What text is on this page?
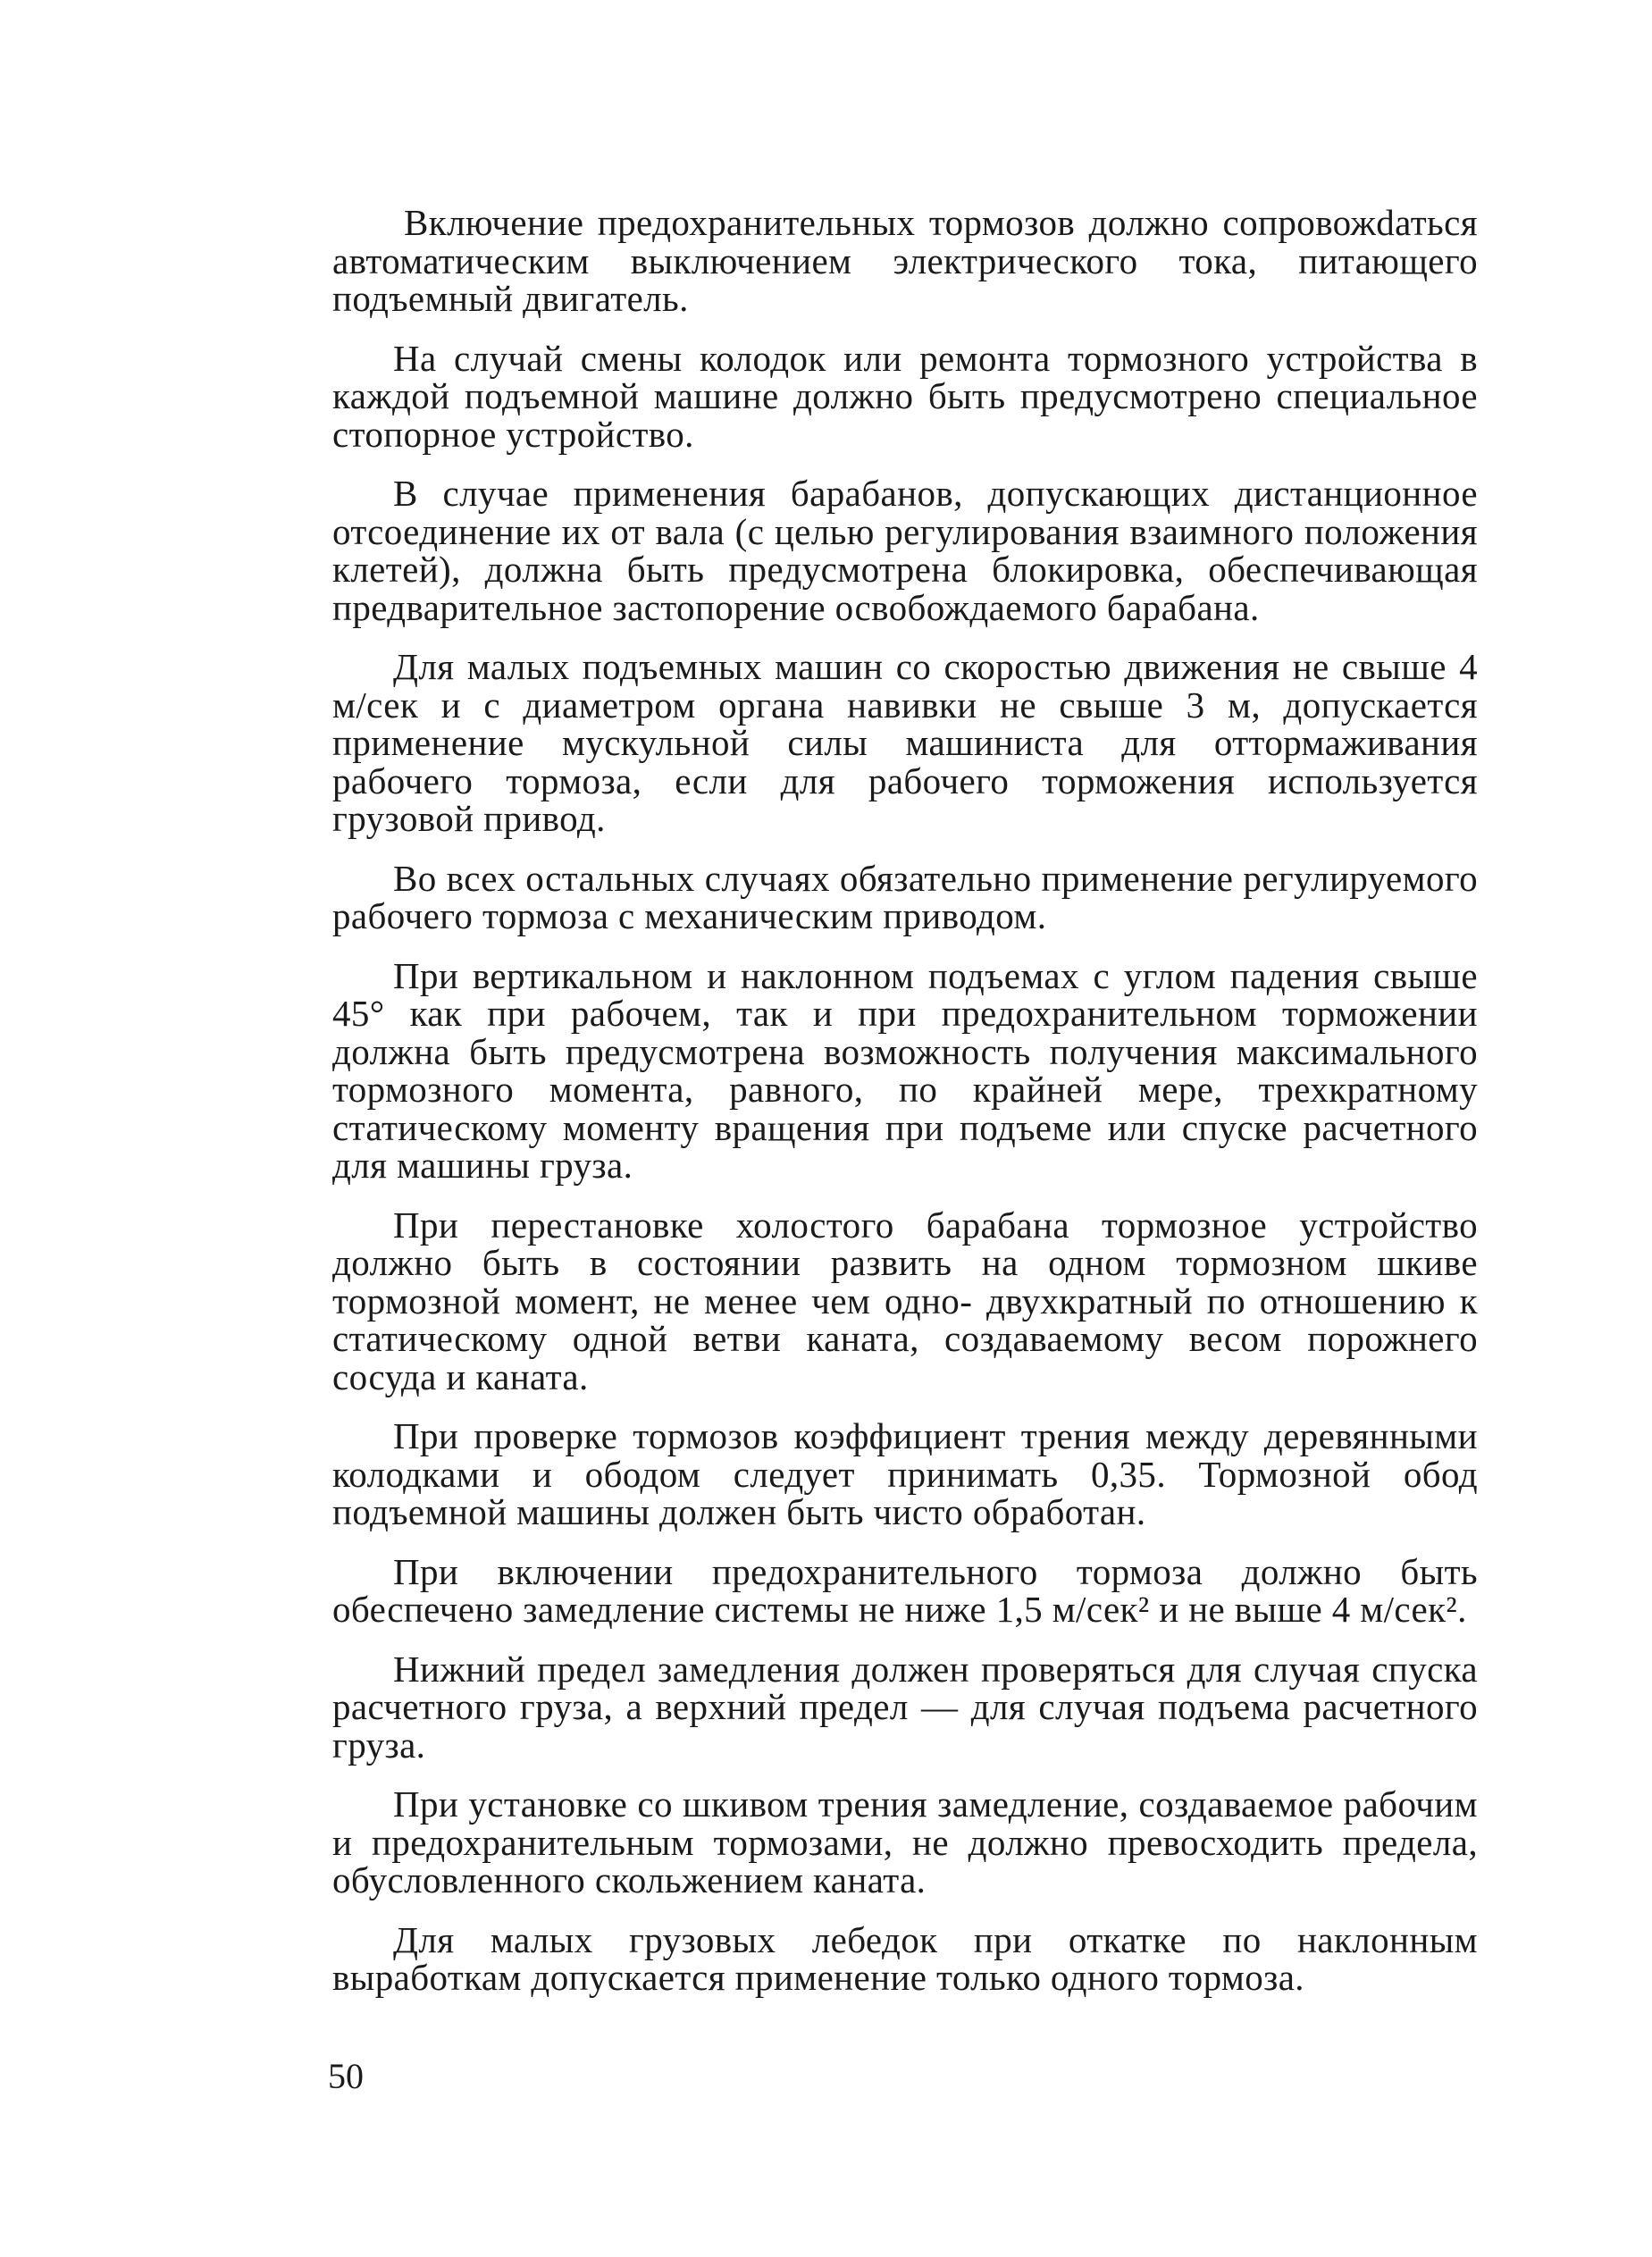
Включение предохранительных тормозов должно сопровожdаться автоматическим выключением электрического тока, питающего подъемный двигатель.

На случай смены колодок или ремонта тормозного устройства в каждой подъемной машине должно быть предусмотрено специальное стопорное устройство.

В случае применения барабанов, допускающих дистанционное отсоединение их от вала (с целью регулирования взаимного положения клетей), должна быть предусмотрена блокировка, обеспечивающая предварительное застопорение освобождаемого барабана.

Для малых подъемных машин со скоростью движения не свыше 4 м/сек и с диаметром органа навивки не свыше 3 м, допускается применение мускульной силы машиниста для оттормаживания рабочего тормоза, если для рабочего торможения используется грузовой привод.

Во всех остальных случаях обязательно применение регулируемого рабочего тормоза с механическим приводом.

При вертикальном и наклонном подъемах с углом падения свыше 45° как при рабочем, так и при предохранительном торможении должна быть предусмотрена возможность получения максимального тормозного момента, равного, по крайней мере, трехкратному статическому моменту вращения при подъеме или спуске расчетного для машины груза.

При перестановке холостого барабана тормозное устройство должно быть в состоянии развить на одном тормозном шкиве тормозной момент, не менее чем одно- двухкратный по отношению к статическому одной ветви каната, создаваемому весом порожнего сосуда и каната.

При проверке тормозов коэффициент трения между деревянными колодками и ободом следует принимать 0,35. Тормозной обод подъемной машины должен быть чисто обработан.

При включении предохранительного тормоза должно быть обеспечено замедление системы не ниже 1,5 м/сек² и не выше 4 м/сек².

Нижний предел замедления должен проверяться для случая спуска расчетного груза, а верхний предел — для случая подъема расчетного груза.

При установке со шкивом трения замедление, создаваемое рабочим и предохранительным тормозами, не должно превосходить предела, обусловленного скольжением каната.

Для малых грузовых лебедок при откатке по наклонным выработкам допускается применение только одного тормоза.

50
